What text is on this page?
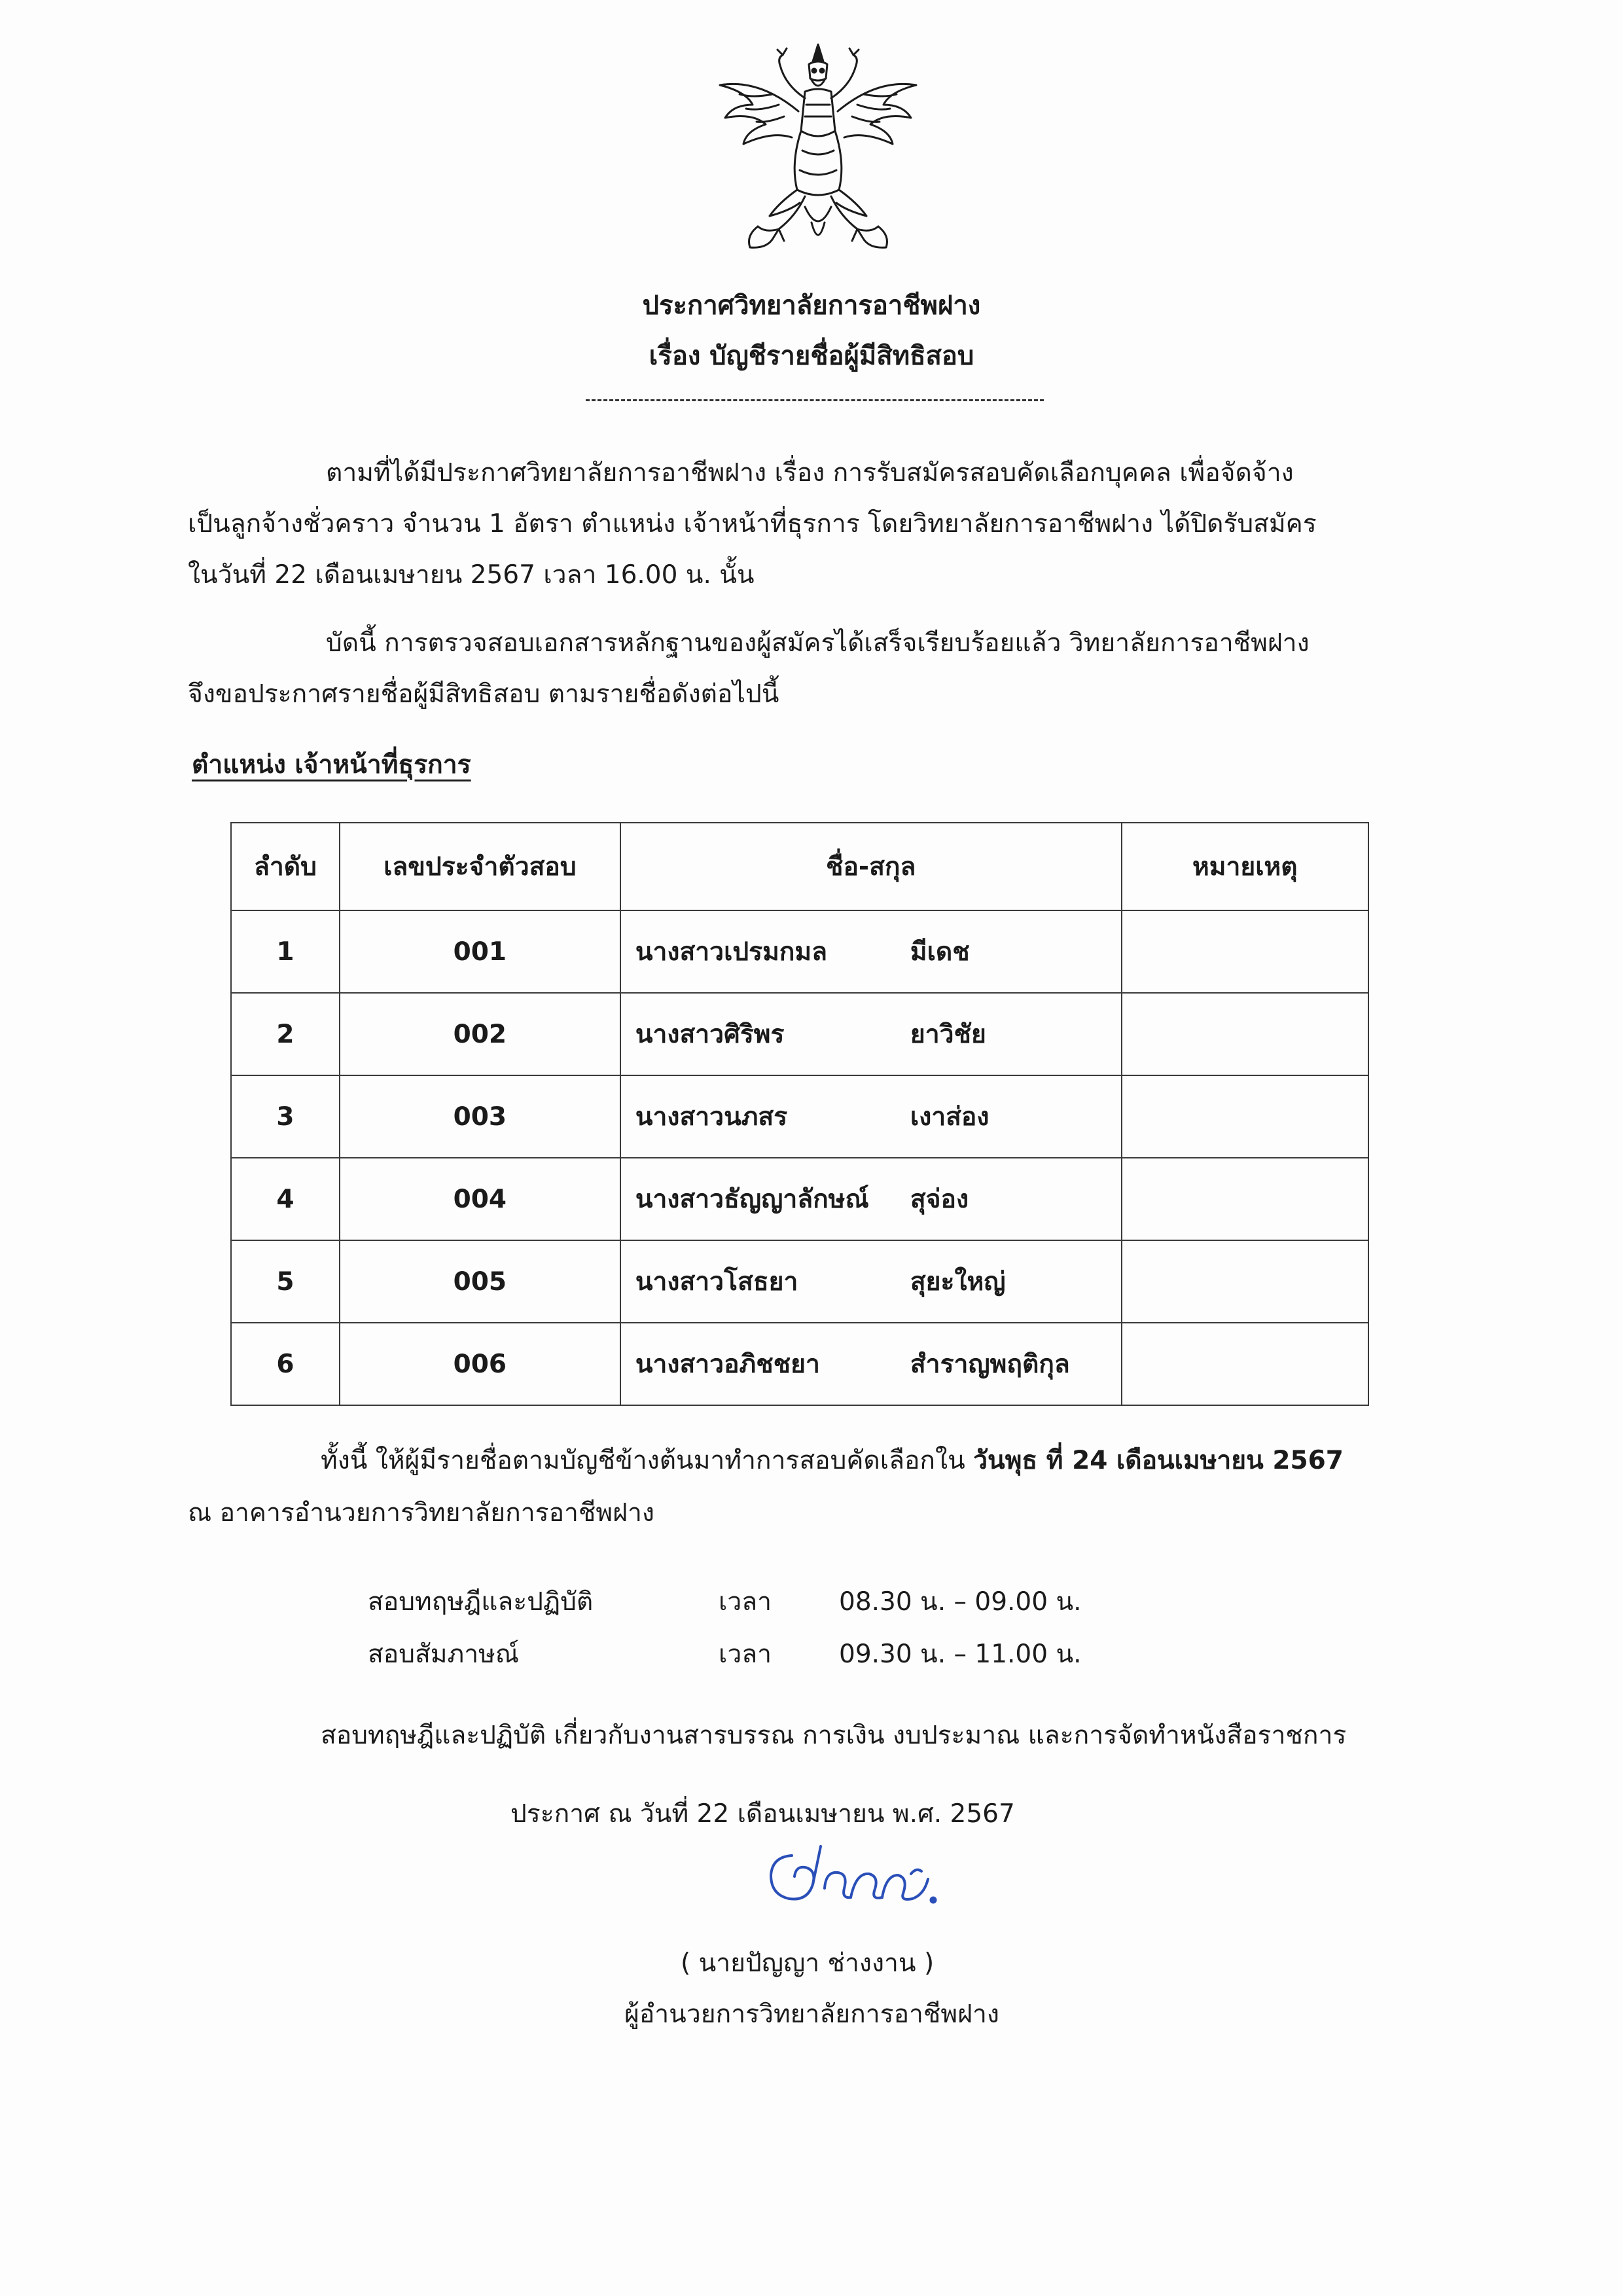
ประกาศวิทยาลัยการอาชีพฝาง
เรื่อง บัญชีรายชื่อผู้มีสิทธิสอบ
ตามที่ได้มีประกาศวิทยาลัยการอาชีพฝาง เรื่อง การรับสมัครสอบคัดเลือกบุคคล เพื่อจัดจ้าง
เป็นลูกจ้างชั่วคราว จำนวน 1 อัตรา ตำแหน่ง เจ้าหน้าที่ธุรการ โดยวิทยาลัยการอาชีพฝาง ได้ปิดรับสมัคร
ในวันที่ 22 เดือนเมษายน 2567 เวลา 16.00 น. นั้น
บัดนี้ การตรวจสอบเอกสารหลักฐานของผู้สมัครได้เสร็จเรียบร้อยแล้ว วิทยาลัยการอาชีพฝาง
จึงขอประกาศรายชื่อผู้มีสิทธิสอบ ตามรายชื่อดังต่อไปนี้
ตำแหน่ง เจ้าหน้าที่ธุรการ
ลำดับ	เลขประจำตัวสอบ	ชื่อ-สกุล	หมายเหตุ
1	001	นางสาวเปรมกมล มีเดช	
2	002	นางสาวศิริพร ยาวิชัย	
3	003	นางสาวนภสร เงาส่อง	
4	004	นางสาวธัญญาลักษณ์ สุจ่อง	
5	005	นางสาวโสธยา สุยะใหญ่	
6	006	นางสาวอภิชชยา สำราญพฤติกุล	
ทั้งนี้ ให้ผู้มีรายชื่อตามบัญชีข้างต้นมาทำการสอบคัดเลือกใน วันพุธ ที่ 24 เดือนเมษายน 2567
ณ อาคารอำนวยการวิทยาลัยการอาชีพฝาง
สอบทฤษฎีและปฏิบัติ	เวลา	08.30 น. – 09.00 น.
สอบสัมภาษณ์	เวลา	09.30 น. – 11.00 น.
สอบทฤษฎีและปฏิบัติ เกี่ยวกับงานสารบรรณ การเงิน งบประมาณ และการจัดทำหนังสือราชการ
ประกาศ ณ วันที่ 22 เดือนเมษายน พ.ศ. 2567
( นายปัญญา ช่างงาน )
ผู้อำนวยการวิทยาลัยการอาชีพฝาง
